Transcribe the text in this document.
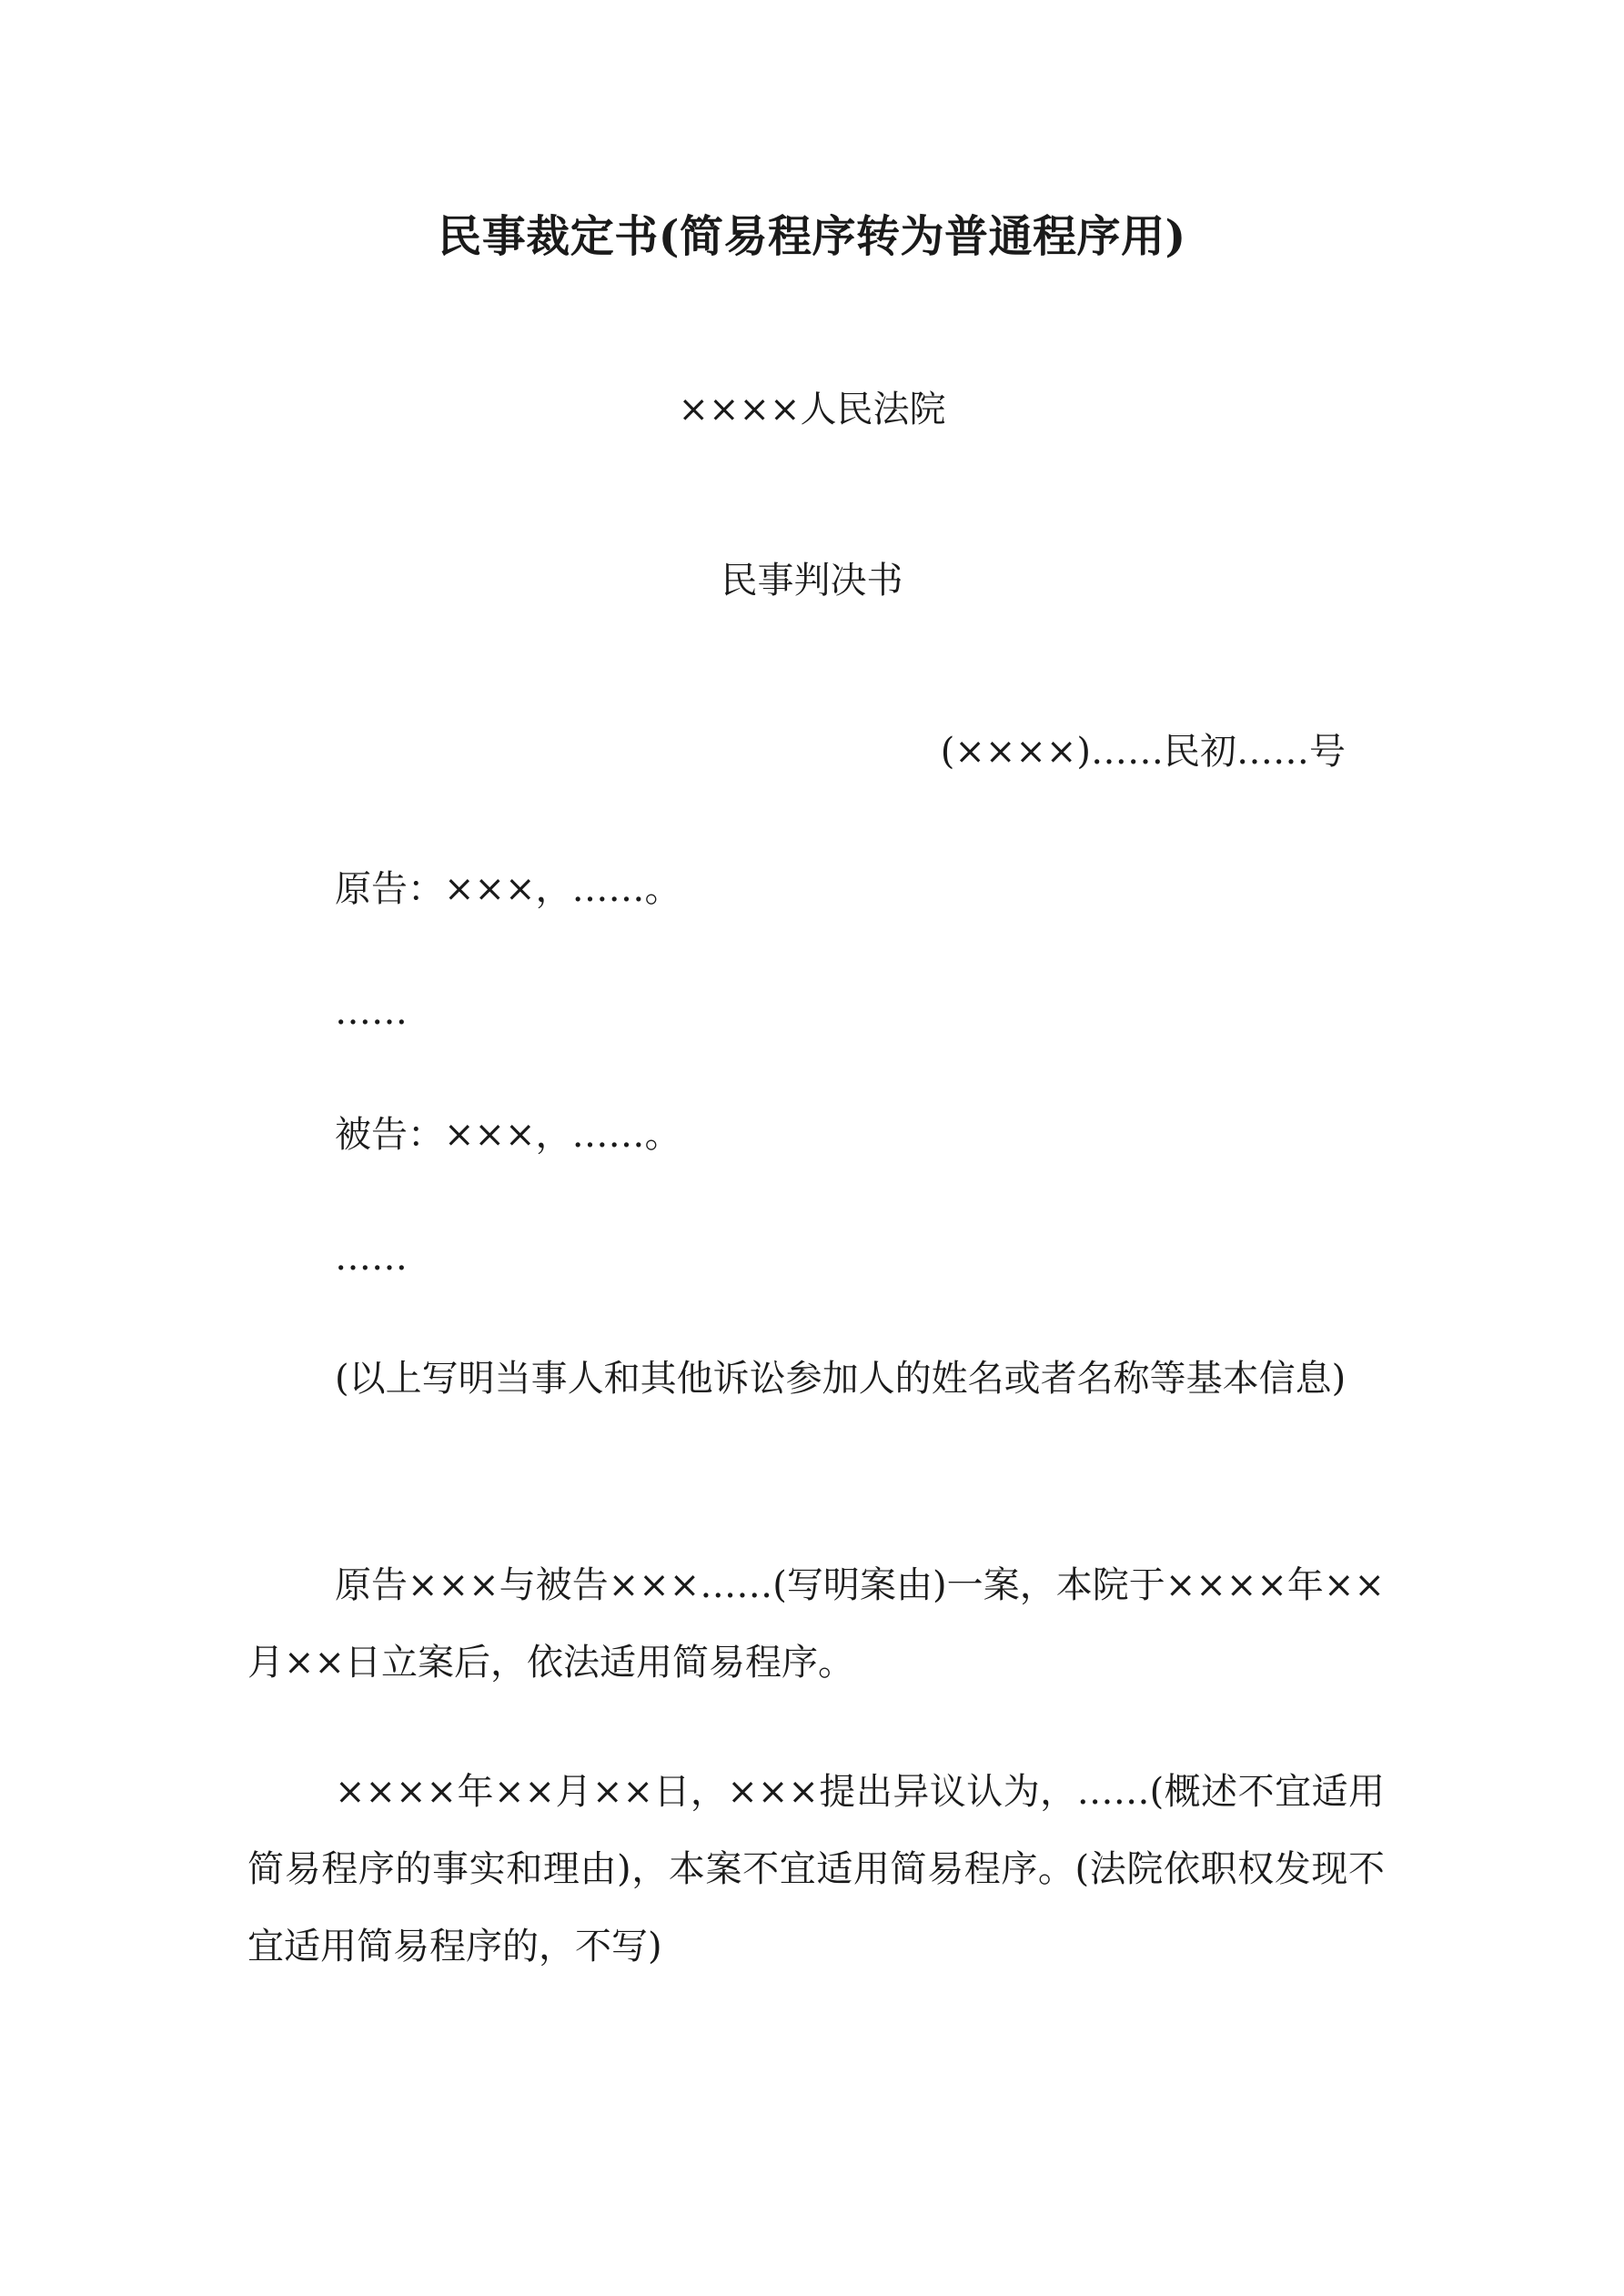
民事裁定书(简易程序转为普通程序用)
××××人民法院
民事判决书
(××××)……民初……号

原告：×××，……。

……

被告：×××，……。

……

(以上写明当事人和其他诉讼参加人的姓名或者名称等基本信息)

原告×××与被告×××……(写明案由)一案，本院于××××年××月××日立案后，依法适用简易程序。

××××年××月××日，×××提出异议认为，……(概述不宜适用简易程序的事实和理由)，本案不宜适用简易程序。(法院依职权发现不宜适用简易程序的，不写)
